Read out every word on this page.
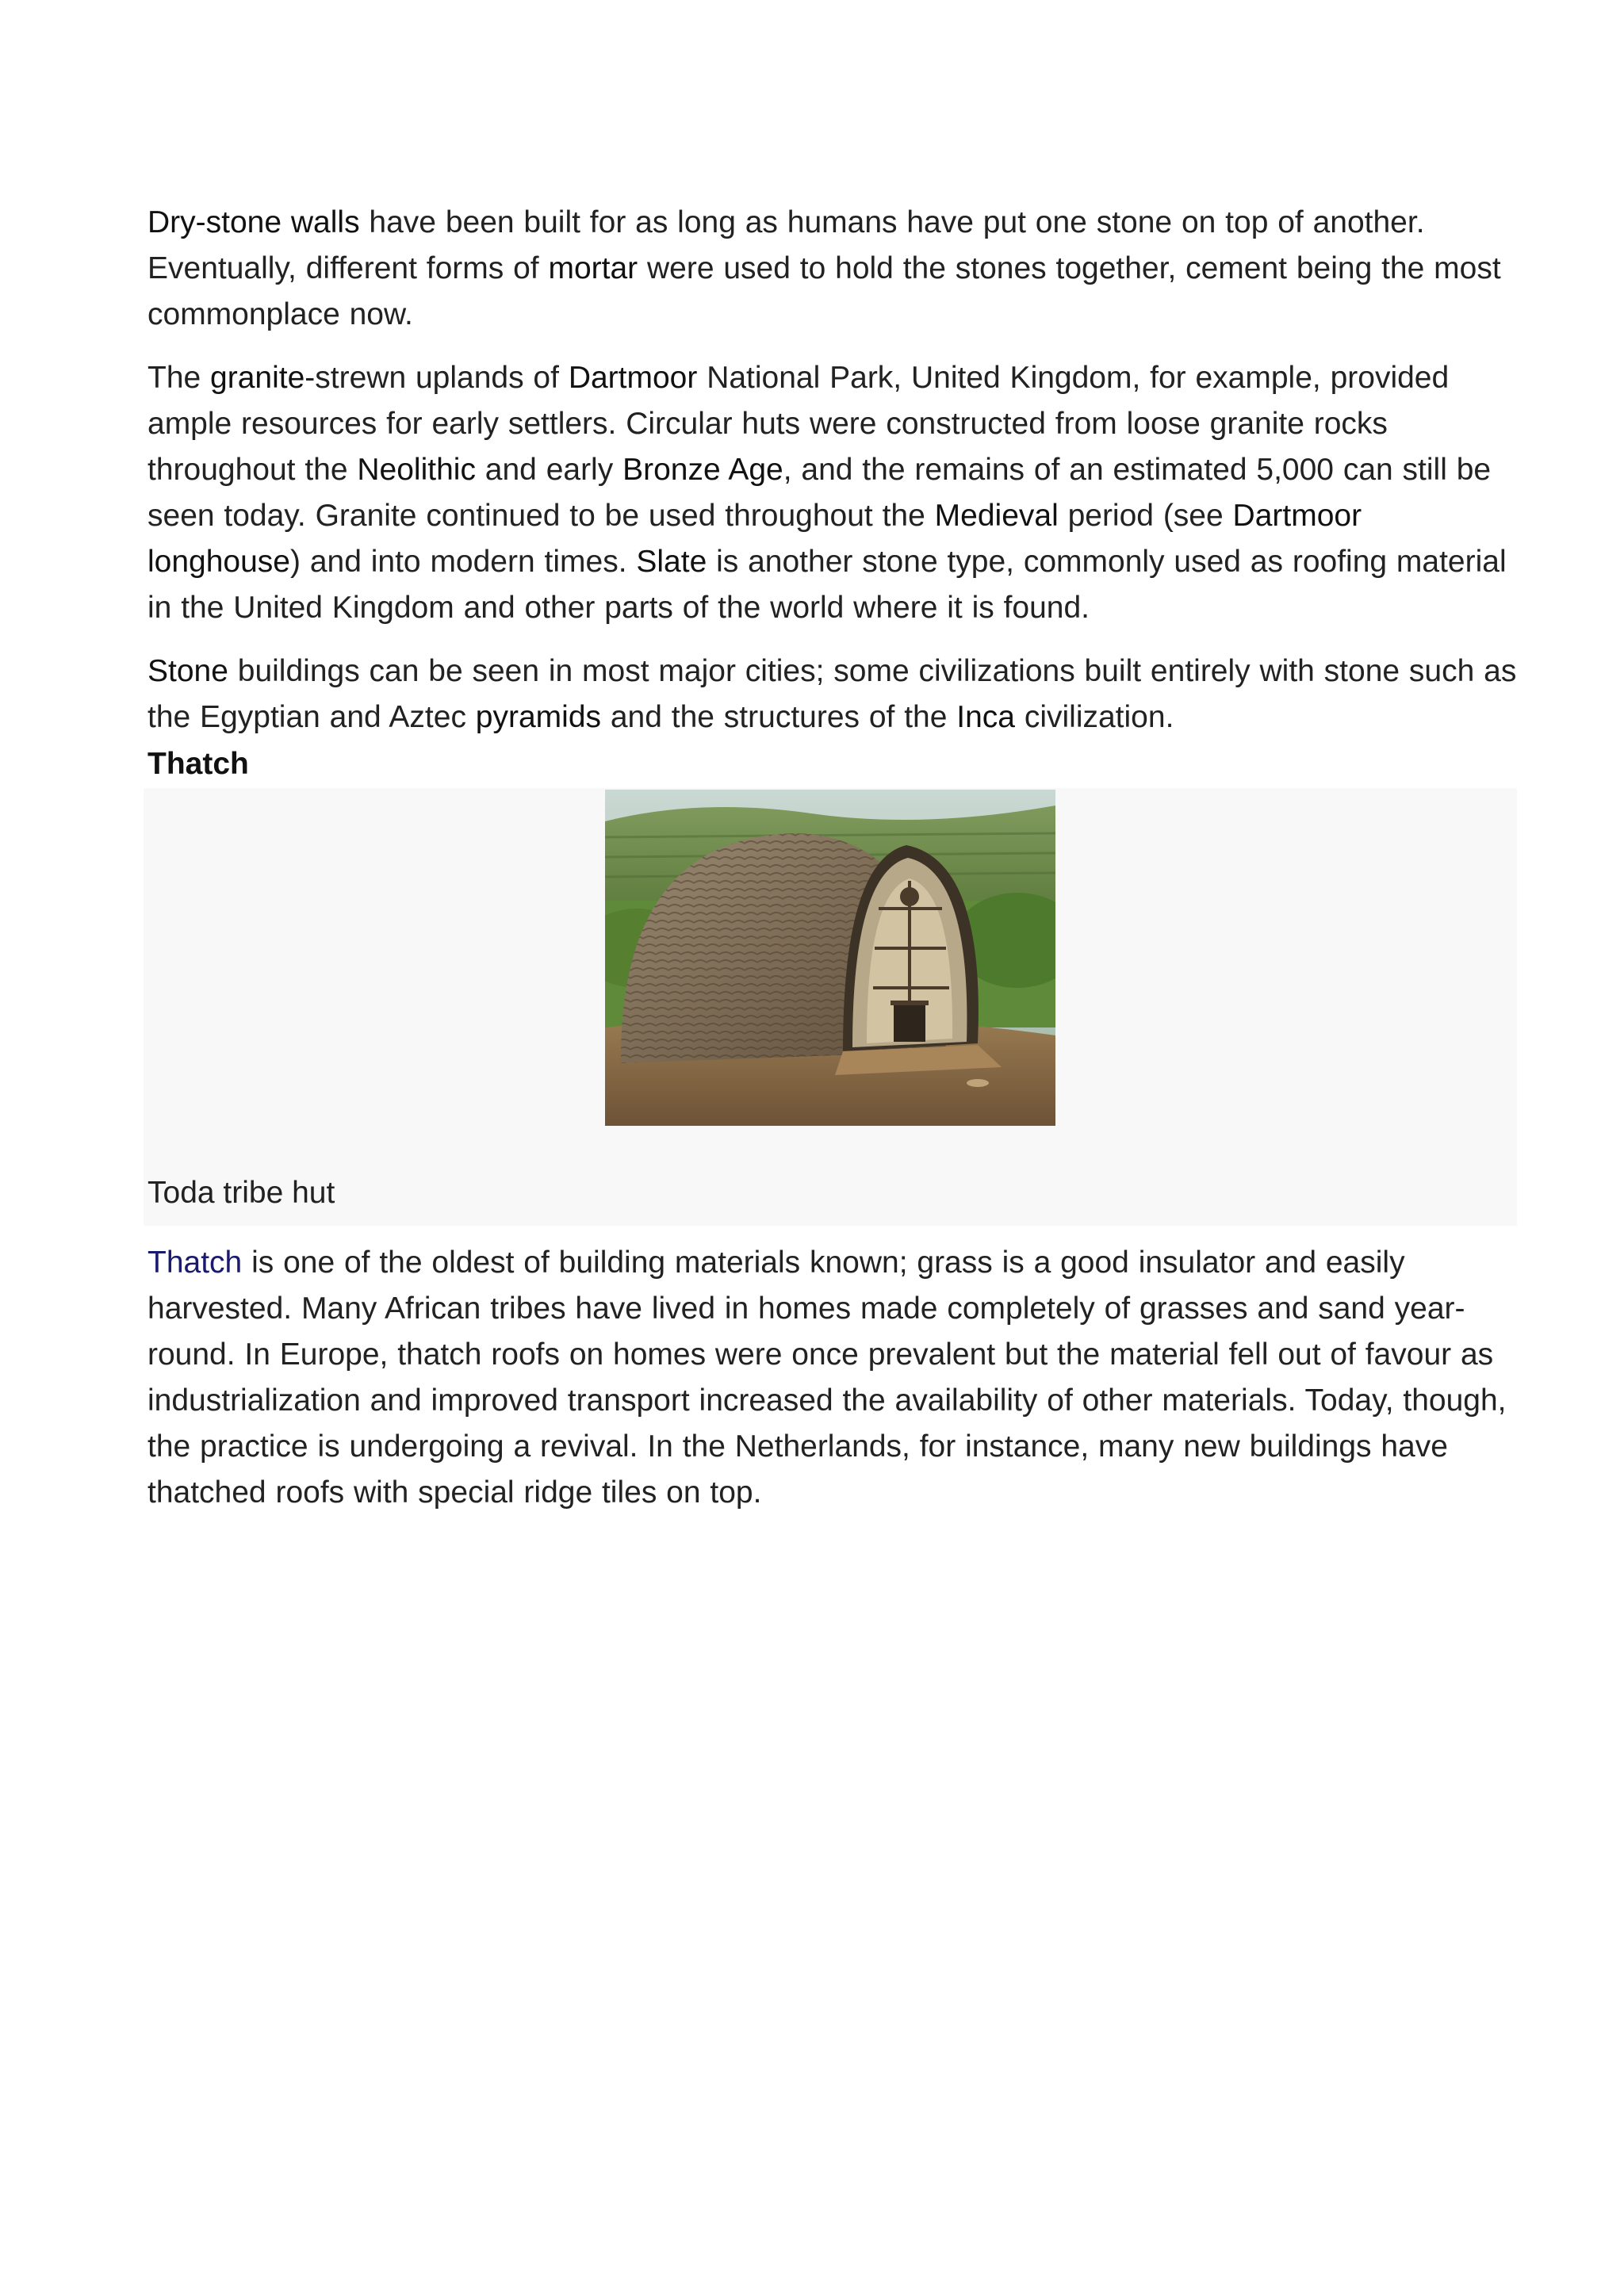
Dry-stone walls have been built for as long as humans have put one stone on top of another. Eventually, different forms of mortar were used to hold the stones together, cement being the most commonplace now.

The granite-strewn uplands of Dartmoor National Park, United Kingdom, for example, provided ample resources for early settlers. Circular huts were constructed from loose granite rocks throughout the Neolithic and early Bronze Age, and the remains of an estimated 5,000 can still be seen today. Granite continued to be used throughout the Medieval period (see Dartmoor longhouse) and into modern times. Slate is another stone type, commonly used as roofing material in the United Kingdom and other parts of the world where it is found.

Stone buildings can be seen in most major cities; some civilizations built entirely with stone such as the Egyptian and Aztec pyramids and the structures of the Inca civilization.

Thatch
Toda tribe hut

Thatch is one of the oldest of building materials known; grass is a good insulator and easily harvested. Many African tribes have lived in homes made completely of grasses and sand year-round. In Europe, thatch roofs on homes were once prevalent but the material fell out of favour as industrialization and improved transport increased the availability of other materials. Today, though, the practice is undergoing a revival. In the Netherlands, for instance, many new buildings have thatched roofs with special ridge tiles on top.
